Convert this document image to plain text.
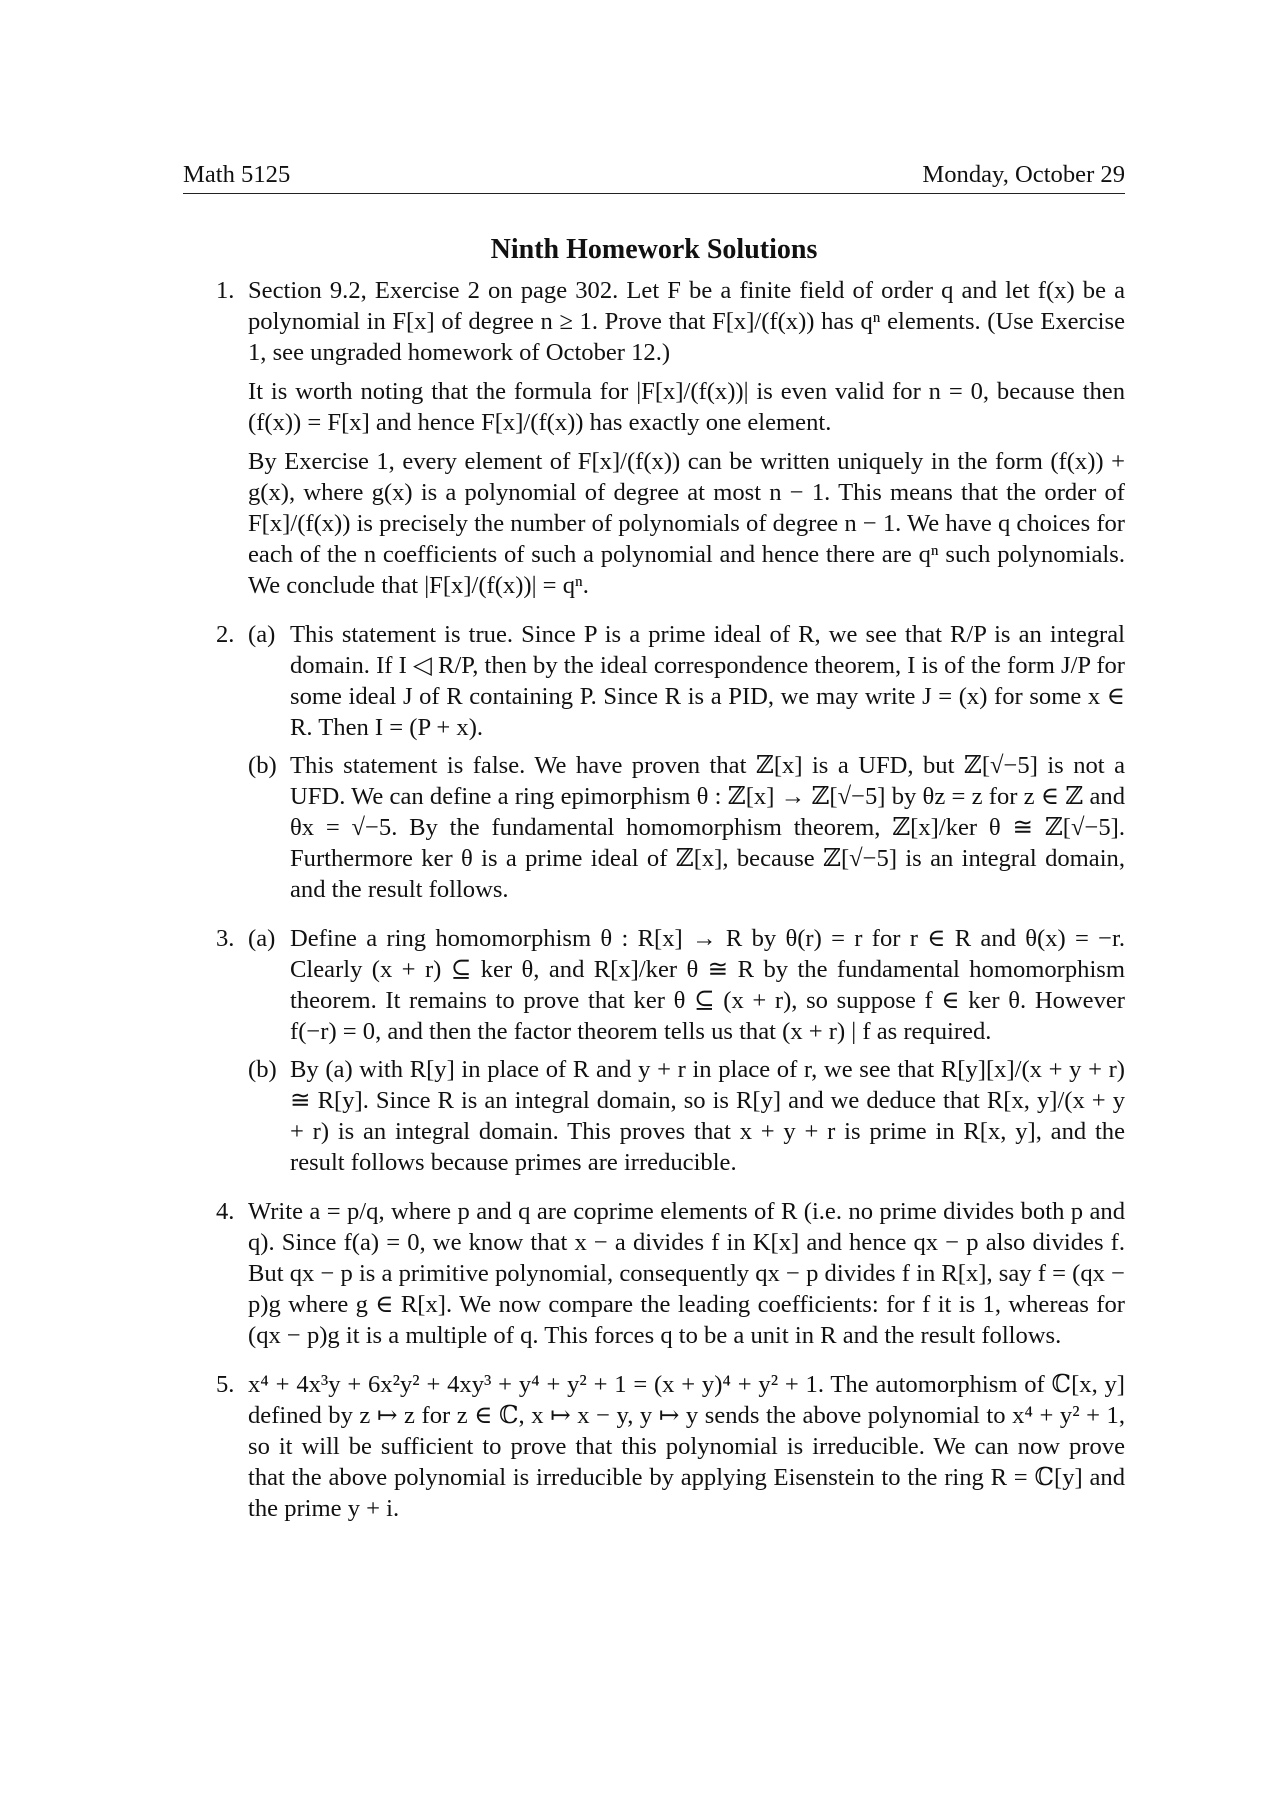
Math 5125	Monday, October 29
Ninth Homework Solutions
1. Section 9.2, Exercise 2 on page 302. Let F be a finite field of order q and let f(x) be a polynomial in F[x] of degree n ≥ 1. Prove that F[x]/(f(x)) has qⁿ elements. (Use Exercise 1, see ungraded homework of October 12.)

It is worth noting that the formula for |F[x]/(f(x))| is even valid for n = 0, because then (f(x)) = F[x] and hence F[x]/(f(x)) has exactly one element.

By Exercise 1, every element of F[x]/(f(x)) can be written uniquely in the form (f(x)) + g(x), where g(x) is a polynomial of degree at most n − 1. This means that the order of F[x]/(f(x)) is precisely the number of polynomials of degree n − 1. We have q choices for each of the n coefficients of such a polynomial and hence there are qⁿ such polynomials. We conclude that |F[x]/(f(x))| = qⁿ.

2. (a) This statement is true. Since P is a prime ideal of R, we see that R/P is an integral domain. If I ◁ R/P, then by the ideal correspondence theorem, I is of the form J/P for some ideal J of R containing P. Since R is a PID, we may write J = (x) for some x ∈ R. Then I = (P + x).
(b) This statement is false. We have proven that ℤ[x] is a UFD, but ℤ[√−5] is not a UFD. We can define a ring epimorphism θ : ℤ[x] → ℤ[√−5] by θz = z for z ∈ ℤ and θx = √−5. By the fundamental homomorphism theorem, ℤ[x]/ker θ ≅ ℤ[√−5]. Furthermore ker θ is a prime ideal of ℤ[x], because ℤ[√−5] is an integral domain, and the result follows.
3. (a) Define a ring homomorphism θ : R[x] → R by θ(r) = r for r ∈ R and θ(x) = −r. Clearly (x + r) ⊆ ker θ, and R[x]/ker θ ≅ R by the fundamental homomorphism theorem. It remains to prove that ker θ ⊆ (x + r), so suppose f ∈ ker θ. However f(−r) = 0, and then the factor theorem tells us that (x + r) | f as required.
(b) By (a) with R[y] in place of R and y + r in place of r, we see that R[y][x]/(x + y + r) ≅ R[y]. Since R is an integral domain, so is R[y] and we deduce that R[x, y]/(x + y + r) is an integral domain. This proves that x + y + r is prime in R[x, y], and the result follows because primes are irreducible.
4. Write a = p/q, where p and q are coprime elements of R (i.e. no prime divides both p and q). Since f(a) = 0, we know that x − a divides f in K[x] and hence qx − p also divides f. But qx − p is a primitive polynomial, consequently qx − p divides f in R[x], say f = (qx − p)g where g ∈ R[x]. We now compare the leading coefficients: for f it is 1, whereas for (qx − p)g it is a multiple of q. This forces q to be a unit in R and the result follows.

5. x⁴ + 4x³y + 6x²y² + 4xy³ + y⁴ + y² + 1 = (x + y)⁴ + y² + 1. The automorphism of ℂ[x, y] defined by z ↦ z for z ∈ ℂ, x ↦ x − y, y ↦ y sends the above polynomial to x⁴ + y² + 1, so it will be sufficient to prove that this polynomial is irreducible. We can now prove that the above polynomial is irreducible by applying Eisenstein to the ring R = ℂ[y] and the prime y + i.
